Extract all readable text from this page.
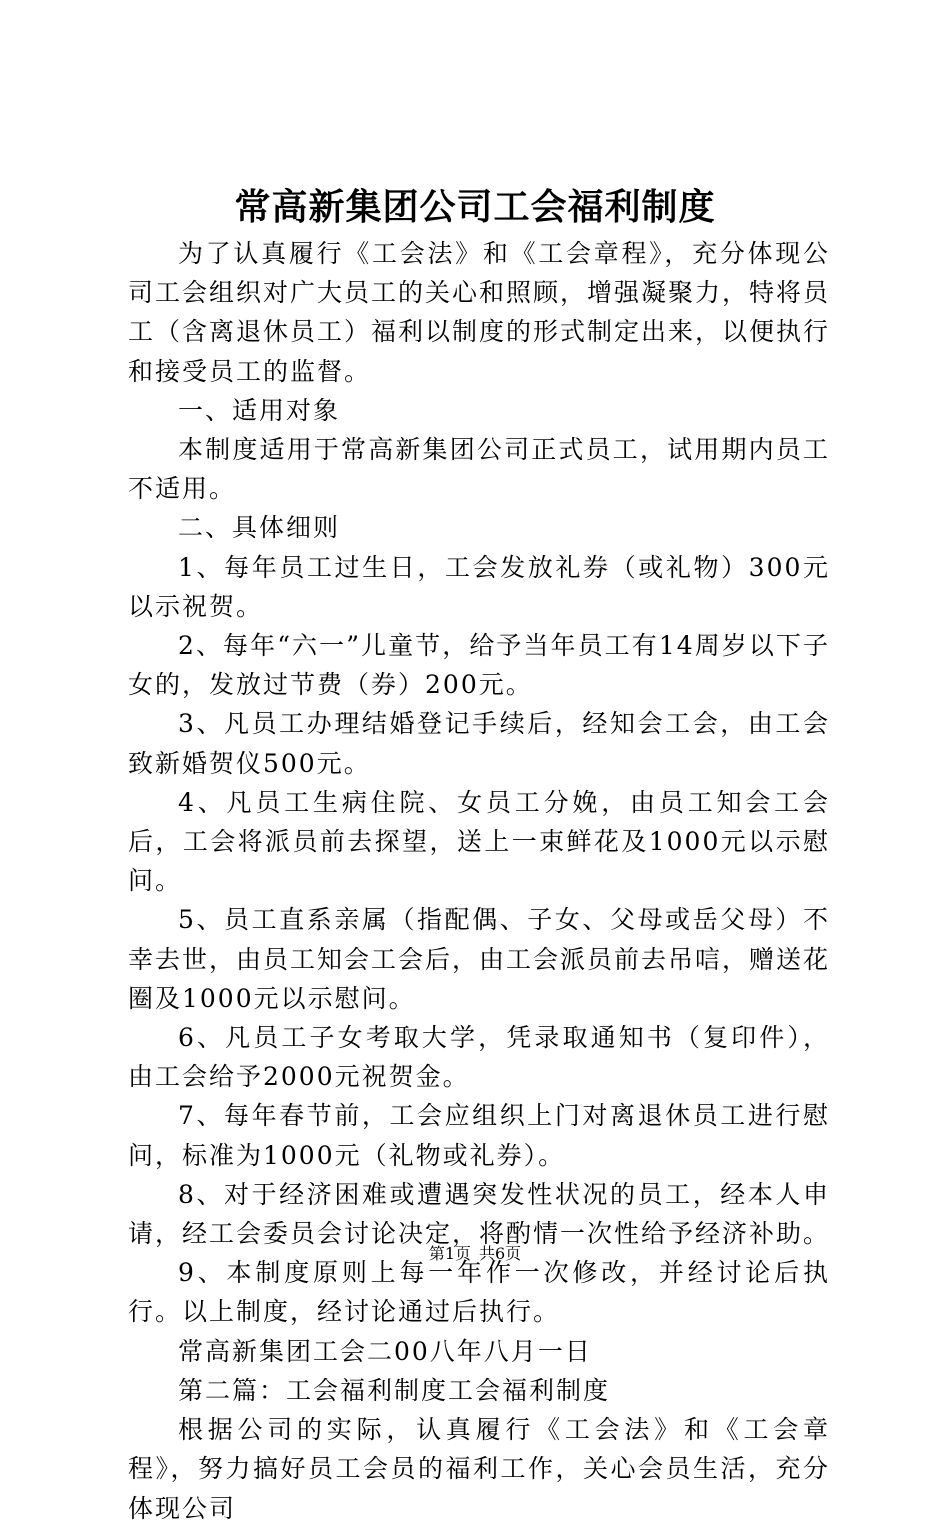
常高新集团公司工会福利制度

为了认真履行《工会法》和《工会章程》，充分体现公司工会组织对广大员工的关心和照顾，增强凝聚力，特将员工（含离退休员工）福利以制度的形式制定出来，以便执行和接受员工的监督。

一、适用对象

本制度适用于常高新集团公司正式员工，试用期内员工不适用。

二、具体细则

1、每年员工过生日，工会发放礼券（或礼物）300元以示祝贺。

2、每年“六一”儿童节，给予当年员工有14周岁以下子女的，发放过节费（券）200元。

3、凡员工办理结婚登记手续后，经知会工会，由工会致新婚贺仪500元。

4、凡员工生病住院、女员工分娩，由员工知会工会后，工会将派员前去探望，送上一束鲜花及1000元以示慰问。

5、员工直系亲属（指配偶、子女、父母或岳父母）不幸去世，由员工知会工会后，由工会派员前去吊唁，赠送花圈及1000元以示慰问。

6、凡员工子女考取大学，凭录取通知书（复印件），由工会给予2000元祝贺金。

7、每年春节前，工会应组织上门对离退休员工进行慰问，标准为1000元（礼物或礼券）。

8、对于经济困难或遭遇突发性状况的员工，经本人申请，经工会委员会讨论决定，将酌情一次性给予经济补助。

9、本制度原则上每一年作一次修改，并经讨论后执行。以上制度，经讨论通过后执行。

常高新集团工会二00八年八月一日

第二篇：工会福利制度工会福利制度

根据公司的实际，认真履行《工会法》和《工会章程》，努力搞好员工会员的福利工作，关心会员生活，充分体现公司

第1页 共6页
